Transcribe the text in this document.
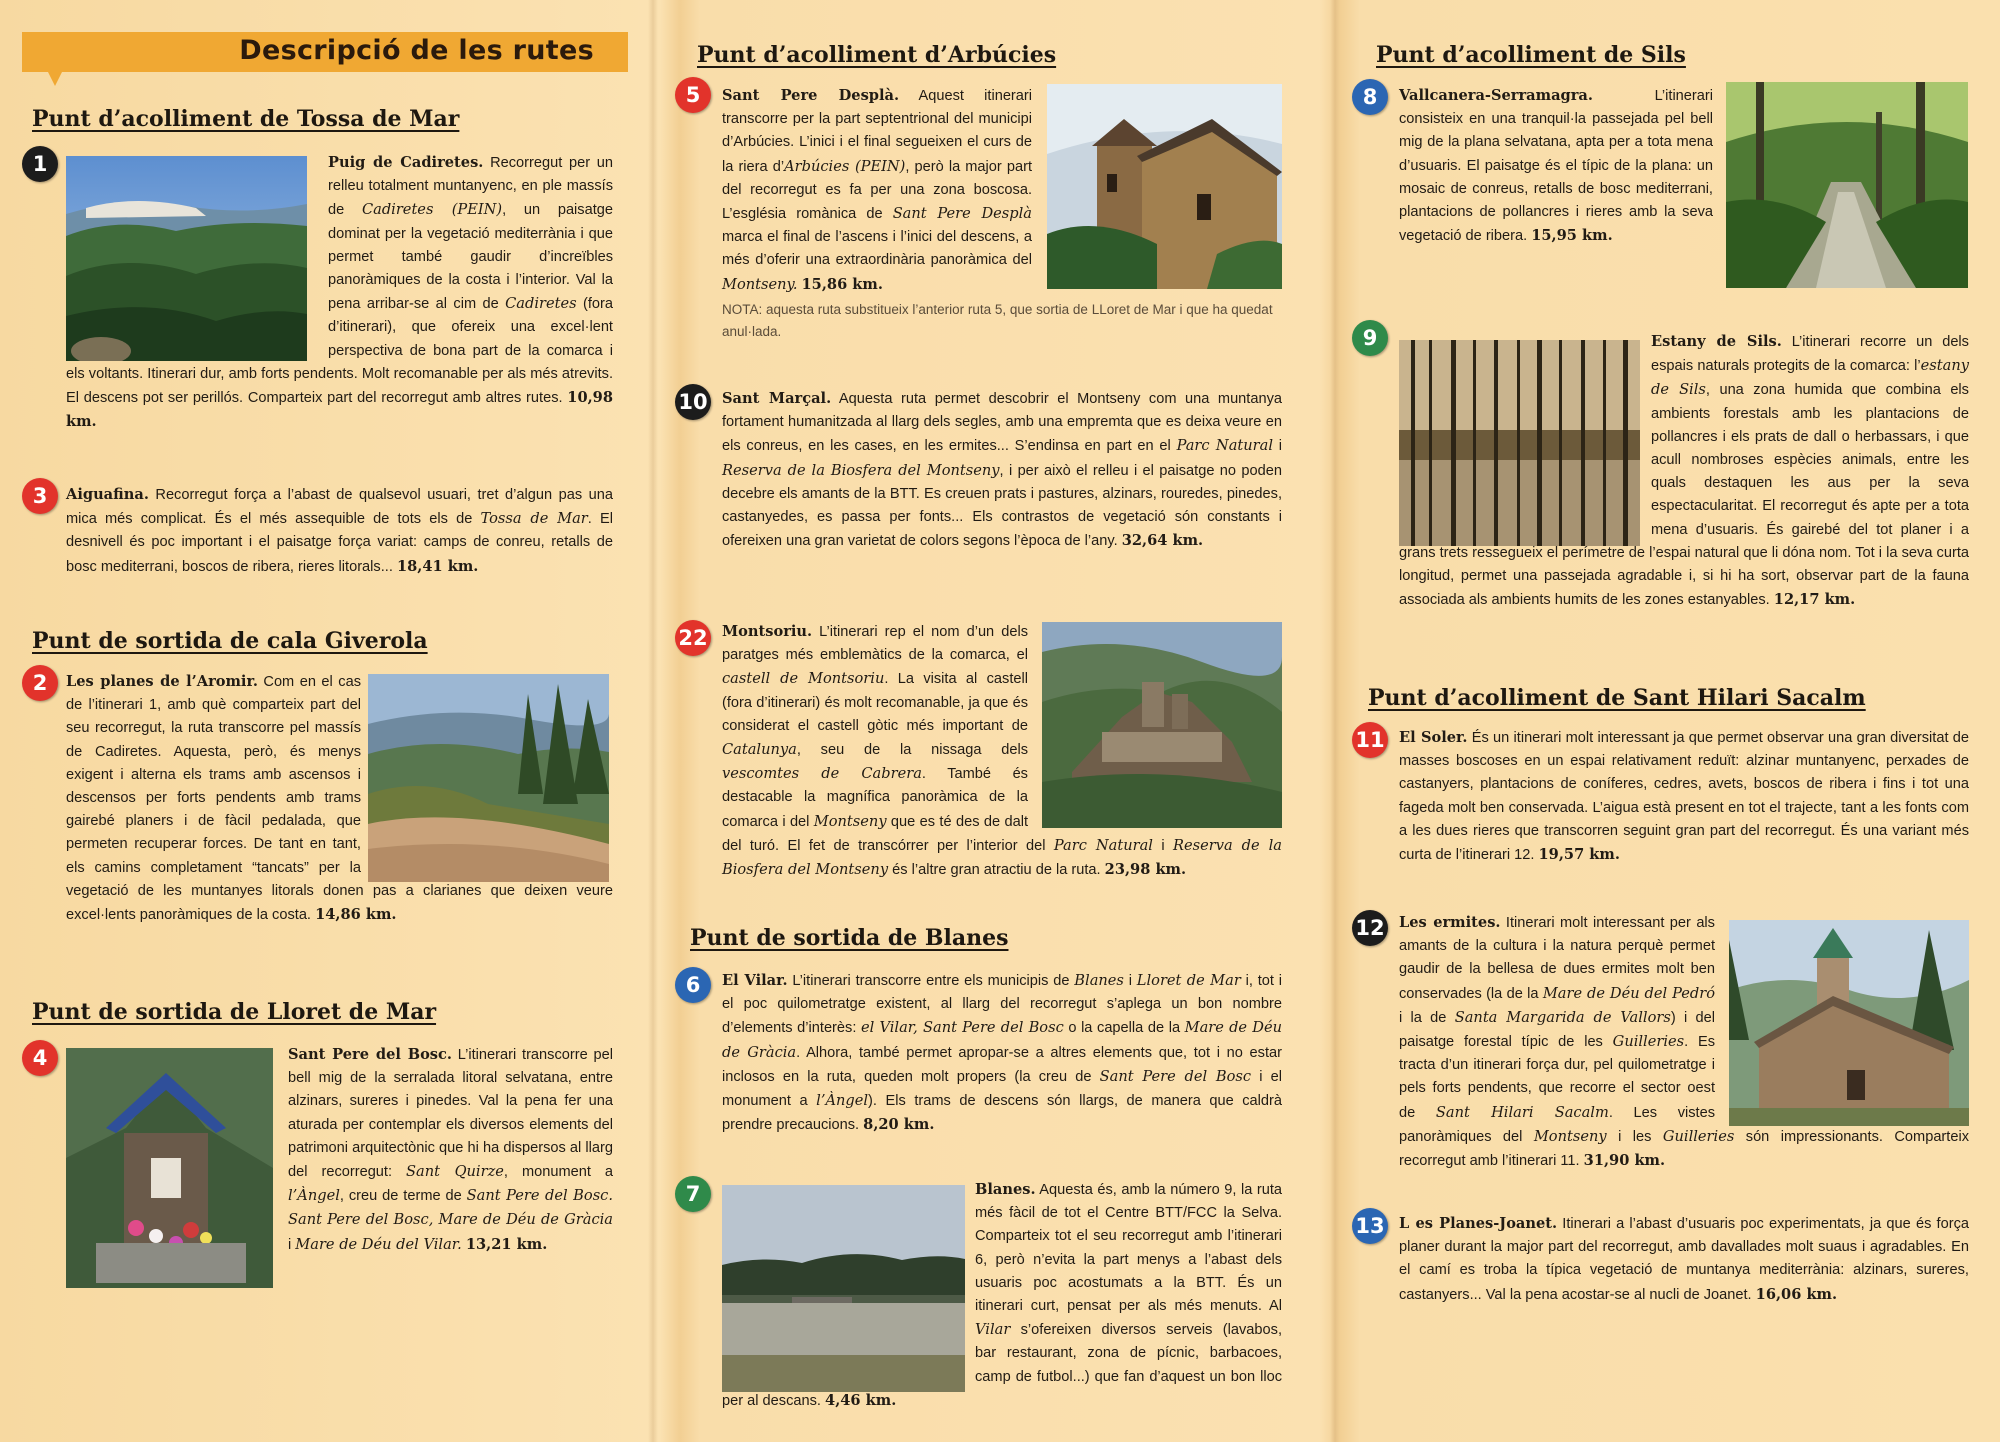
Descripció de les rutes
Punt d’acolliment de Tossa de Mar
1	Puig de Cadiretes. Recorregut per un relleu totalment muntanyenc, en ple massís de Cadiretes (PEIN), un paisatge dominat per la vegetació mediterrània i que permet també gaudir d’increïbles panoràmiques de la costa i l’interior. Val la pena arribar-se al cim de Cadiretes (fora d’itinerari), que ofereix una excel·lent perspectiva de bona part de la comarca i els voltants. Itinerari dur, amb forts pendents. Molt recomanable per als més atrevits. El descens pot ser perillós. Comparteix part del recorregut amb altres rutes. 10,98 km.
3	Aiguafina. Recorregut força a l’abast de qualsevol usuari, tret d’algun pas una mica més complicat. És el més assequible de tots els de Tossa de Mar. El desnivell és poc important i el paisatge força variat: camps de conreu, retalls de bosc mediterrani, boscos de ribera, rieres litorals... 18,41 km.
Punt de sortida de cala Giverola
2	Les planes de l’Aromir. Com en el cas de l’itinerari 1, amb què comparteix part del seu recorregut, la ruta transcorre pel massís de Cadiretes. Aquesta, però, és menys exigent i alterna els trams amb ascensos i descensos per forts pendents amb trams gairebé planers i de fàcil pedalada, que permeten recuperar forces. De tant en tant, els camins completament “tancats” per la vegetació de les muntanyes litorals donen pas a clarianes que deixen veure excel·lents panoràmiques de la costa. 14,86 km.
Punt de sortida de Lloret de Mar
4	Sant Pere del Bosc. L’itinerari transcorre pel bell mig de la serralada litoral selvatana, entre alzinars, sureres i pinedes. Val la pena fer una aturada per contemplar els diversos elements del patrimoni arquitectònic que hi ha dispersos al llarg del recorregut: Sant Quirze, monument a l’Àngel, creu de terme de Sant Pere del Bosc. Sant Pere del Bosc, Mare de Déu de Gràcia i Mare de Déu del Vilar. 13,21 km.
Punt d’acolliment d’Arbúcies
5	Sant Pere Desplà. Aquest itinerari transcorre per la part septentrional del municipi d’Arbúcies. L’inici i el final segueixen el curs de la riera d’Arbúcies (PEIN), però la major part del recorregut es fa per una zona boscosa. L’església romànica de Sant Pere Desplà marca el final de l’ascens i l’inici del descens, a més d’oferir una extraordinària panoràmica del Montseny. 15,86 km.
NOTA: aquesta ruta substitueix l’anterior ruta 5, que sortia de LLoret de Mar i que ha quedat anul·lada.
10 Sant Marçal. Aquesta ruta permet descobrir el Montseny com una muntanya fortament humanitzada al llarg dels segles, amb una empremta que es deixa veure en els conreus, en les cases, en les ermites... S’endinsa en part en el Parc Natural i Reserva de la Biosfera del Montseny, i per això el relleu i el paisatge no poden decebre els amants de la BTT. Es creuen prats i pastures, alzinars, rouredes, pinedes, castanyedes, es passa per fonts... Els contrastos de vegetació són constants i ofereixen una gran varietat de colors segons l’època de l’any. 32,64 km.
22 Montsoriu. L’itinerari rep el nom d’un dels paratges més emblemàtics de la comarca, el castell de Montsoriu. La visita al castell (fora d’itinerari) és molt recomanable, ja que és considerat el castell gòtic més important de Catalunya, seu de la nissaga dels vescomtes de Cabrera. També és destacable la magnífica panoràmica de la comarca i del Montseny que es té des de dalt del turó. El fet de transcórrer per l’interior del Parc Natural i Reserva de la Biosfera del Montseny és l’altre gran atractiu de la ruta. 23,98 km.
Punt de sortida de Blanes
6	El Vilar. L’itinerari transcorre entre els municipis de Blanes i Lloret de Mar i, tot i el poc quilometratge existent, al llarg del recorregut s’aplega un bon nombre d’elements d’interès: el Vilar, Sant Pere del Bosc o la capella de la Mare de Déu de Gràcia. Alhora, també permet apropar-se a altres elements que, tot i no estar inclosos en la ruta, queden molt propers (la creu de Sant Pere del Bosc i el monument a l’Àngel). Els trams de descens són llargs, de manera que caldrà prendre precaucions. 8,20 km.
7	Blanes. Aquesta és, amb la número 9, la ruta més fàcil de tot el Centre BTT/FCC la Selva. Comparteix tot el seu recorregut amb l’itinerari 6, però n’evita la part menys a l’abast dels usuaris poc acostumats a la BTT. És un itinerari curt, pensat per als més menuts. Al Vilar s’ofereixen diversos serveis (lavabos, bar restaurant, zona de pícnic, barbacoes, camp de futbol...) que fan d’aquest un bon lloc per al descans. 4,46 km.
Punt d’acolliment de Sils
8	Vallcanera-Serramagra.	L’itinerari consisteix en una tranquil·la passejada pel bell mig de la plana selvatana, apta per a tota mena d’usuaris. El paisatge és el típic de la plana: un mosaic de conreus, retalls de bosc mediterrani, plantacions de pollancres i rieres amb la seva vegetació de ribera. 15,95 km.
9	Estany de Sils. L’itinerari recorre un dels espais naturals protegits de la comarca: l’estany de Sils, una zona humida que combina els ambients forestals amb les plantacions de pollancres i els prats de dall o herbassars, i que acull nombroses espècies animals, entre les quals destaquen les aus per la seva espectacularitat. El recorregut és apte per a tota mena d’usuaris. És gairebé del tot planer i a grans trets ressegueix el perímetre de l’espai natural que li dóna nom. Tot i la seva curta longitud, permet una passejada agradable i, si hi ha sort, observar part de la fauna associada als ambients humits de les zones estanyables. 12,17 km.
Punt d’acolliment de Sant Hilari Sacalm
11 El Soler. És un itinerari molt interessant ja que permet observar una gran diversitat de masses boscoses en un espai relativament reduït: alzinar muntanyenc, perxades de castanyers, plantacions de coníferes, cedres, avets, boscos de ribera i fins i tot una fageda molt ben conservada. L’aigua està present en tot el trajecte, tant a les fonts com a les dues rieres que transcorren seguint gran part del recorregut. És una variant més curta de l’itinerari 12. 19,57 km.
12 Les ermites. Itinerari molt interessant per als amants de la cultura i la natura perquè permet gaudir de la bellesa de dues ermites molt ben conservades (la de la Mare de Déu del Pedró i la de Santa Margarida de Vallors) i del paisatge forestal típic de les Guilleries. Es tracta d’un itinerari força dur, pel quilometratge i pels forts pendents, que recorre el sector oest de Sant Hilari Sacalm. Les vistes panoràmiques del Montseny i les Guilleries són impressionants. Comparteix recorregut amb l’itinerari 11. 31,90 km.
13 L es Planes-Joanet. Itinerari a l’abast d’usuaris poc experimentats, ja que és força planer durant la major part del recorregut, amb davallades molt suaus i agradables. En el camí es troba la típica vegetació de muntanya mediterrània: alzinars, sureres, castanyers... Val la pena acostar-se al nucli de Joanet. 16,06 km.
